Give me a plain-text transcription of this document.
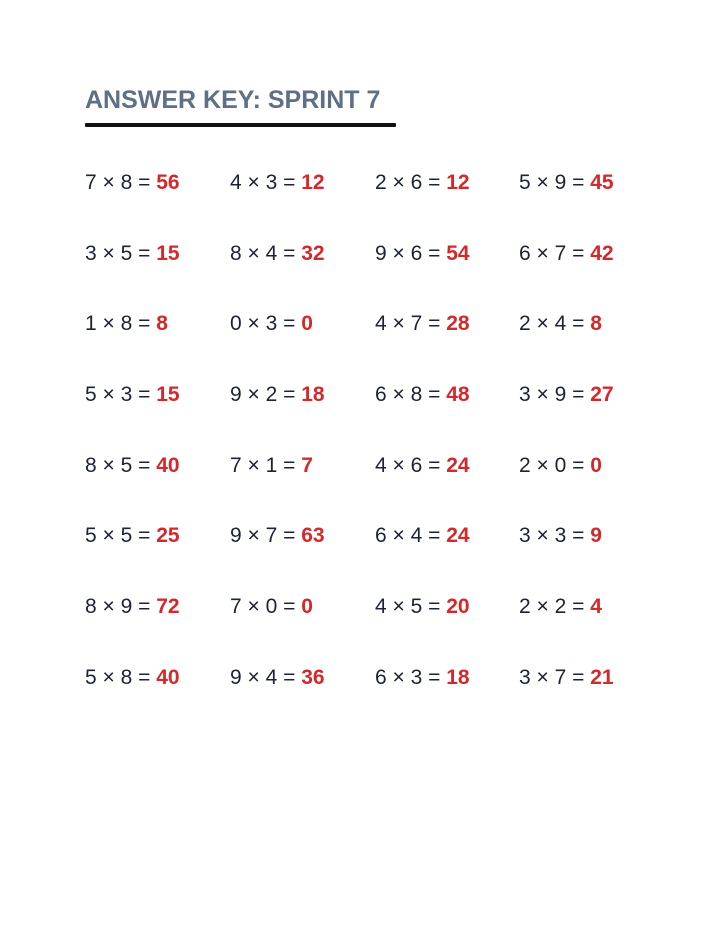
ANSWER KEY: SPRINT 7
7 × 8 = 56 4 × 3 = 12 2 × 6 = 12 5 × 9 = 45
3 × 5 = 15 8 × 4 = 32 9 × 6 = 54 6 × 7 = 42
1 × 8 = 8	0 × 3 = 0	4 × 7 = 28 2 × 4 = 8
5 × 3 = 15 9 × 2 = 18 6 × 8 = 48 3 × 9 = 27
8 × 5 = 40 7 × 1 = 7	4 × 6 = 24 2 × 0 = 0
5 × 5 = 25 9 × 7 = 63 6 × 4 = 24 3 × 3 = 9
8 × 9 = 72 7 × 0 = 0	4 × 5 = 20 2 × 2 = 4
5 × 8 = 40 9 × 4 = 36 6 × 3 = 18 3 × 7 = 21
